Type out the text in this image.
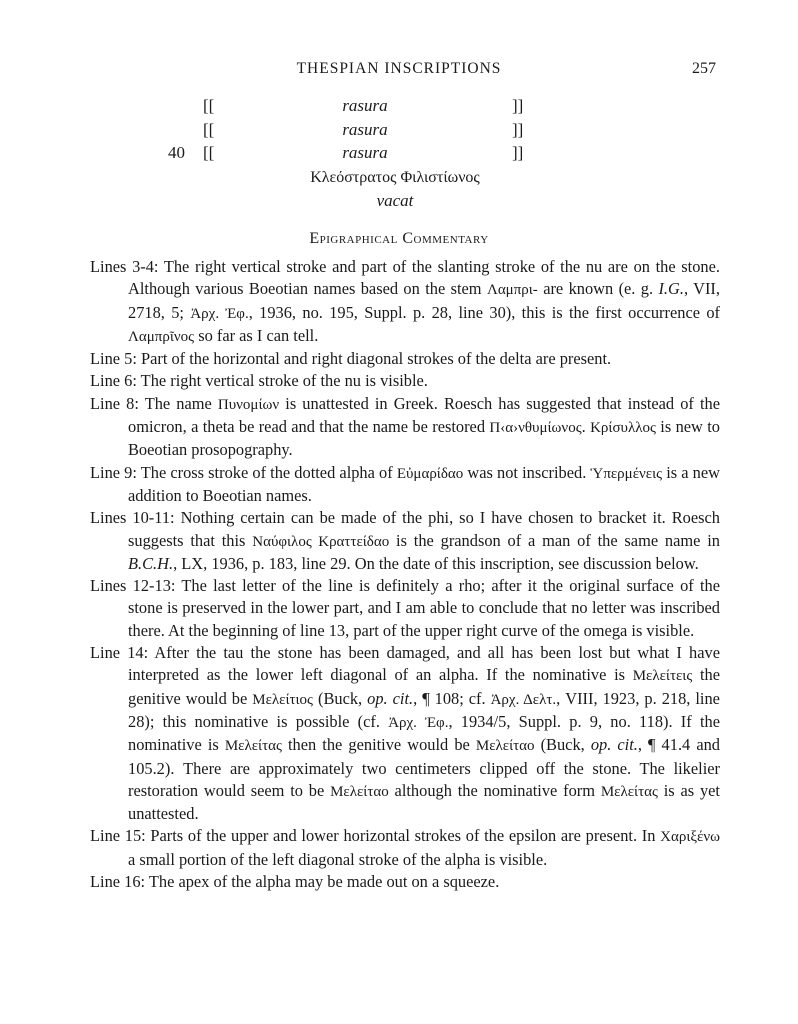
THESPIAN INSCRIPTIONS	257
[[	rasura	]]
[[	rasura	]]
40	[[	rasura	]]
Κλεόστρατος Φιλιστίωνος
vacat
Epigraphical Commentary

Lines 3-4: The right vertical stroke and part of the slanting stroke of the nu are on the stone. Although various Boeotian names based on the stem Λαμπρι- are known (e. g. I.G., VII, 2718, 5; Ἀρχ. Ἐφ., 1936, no. 195, Suppl. p. 28, line 30), this is the first occurrence of Λαμπρῖνος so far as I can tell.

Line 5: Part of the horizontal and right diagonal strokes of the delta are present.

Line 6: The right vertical stroke of the nu is visible.

Line 8: The name Πυνομίων is unattested in Greek. Roesch has suggested that instead of the omicron, a theta be read and that the name be restored Π‹α›νθυμίωνος. Κρίσυλλος is new to Boeotian prosopography.

Line 9: The cross stroke of the dotted alpha of Εὐμαρίδαο was not inscribed. Ὑπερμένεις is a new addition to Boeotian names.

Lines 10-11: Nothing certain can be made of the phi, so I have chosen to bracket it. Roesch suggests that this Ναύφιλος Κραττείδαο is the grandson of a man of the same name in B.C.H., LX, 1936, p. 183, line 29. On the date of this inscription, see discussion below.

Lines 12-13: The last letter of the line is definitely a rho; after it the original surface of the stone is preserved in the lower part, and I am able to conclude that no letter was inscribed there. At the beginning of line 13, part of the upper right curve of the omega is visible.

Line 14: After the tau the stone has been damaged, and all has been lost but what I have interpreted as the lower left diagonal of an alpha. If the nominative is Μελείτεις the genitive would be Μελείτιος (Buck, op. cit., ¶ 108; cf. Ἀρχ. Δελτ., VIII, 1923, p. 218, line 28); this nominative is possible (cf. Ἀρχ. Ἐφ., 1934/5, Suppl. p. 9, no. 118). If the nominative is Μελείτας then the genitive would be Μελείταο (Buck, op. cit., ¶ 41.4 and 105.2). There are approximately two centimeters clipped off the stone. The likelier restoration would seem to be Μελείταο although the nominative form Μελείτας is as yet unattested.

Line 15: Parts of the upper and lower horizontal strokes of the epsilon are present. In Χαριξένω a small portion of the left diagonal stroke of the alpha is visible.

Line 16: The apex of the alpha may be made out on a squeeze.
